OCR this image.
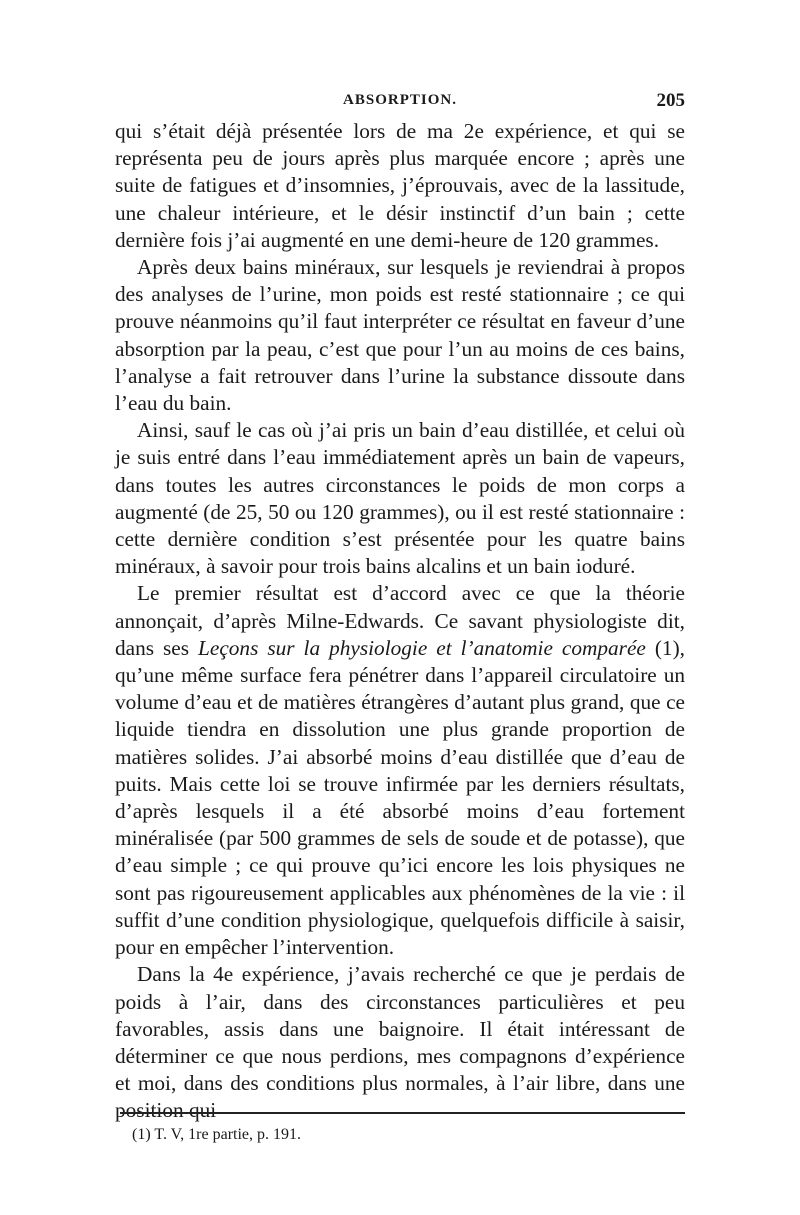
ABSORPTION.	205

qui s’était déjà présentée lors de ma 2e expérience, et qui se représenta peu de jours après plus marquée encore ; après une suite de fatigues et d’insomnies, j’éprouvais, avec de la lassitude, une chaleur intérieure, et le désir instinctif d’un bain ; cette dernière fois j’ai augmenté en une demi-heure de 120 grammes.

Après deux bains minéraux, sur lesquels je reviendrai à propos des analyses de l’urine, mon poids est resté stationnaire ; ce qui prouve néanmoins qu’il faut interpréter ce résultat en faveur d’une absorption par la peau, c’est que pour l’un au moins de ces bains, l’analyse a fait retrouver dans l’urine la substance dissoute dans l’eau du bain.

Ainsi, sauf le cas où j’ai pris un bain d’eau distillée, et celui où je suis entré dans l’eau immédiatement après un bain de vapeurs, dans toutes les autres circonstances le poids de mon corps a augmenté (de 25, 50 ou 120 grammes), ou il est resté stationnaire : cette dernière condition s’est présentée pour les quatre bains minéraux, à savoir pour trois bains alcalins et un bain ioduré.

Le premier résultat est d’accord avec ce que la théorie annonçait, d’après Milne-Edwards. Ce savant physiologiste dit, dans ses Leçons sur la physiologie et l’anatomie comparée (1), qu’une même surface fera pénétrer dans l’appareil circulatoire un volume d’eau et de matières étrangères d’autant plus grand, que ce liquide tiendra en dissolution une plus grande proportion de matières solides. J’ai absorbé moins d’eau distillée que d’eau de puits. Mais cette loi se trouve infirmée par les derniers résultats, d’après lesquels il a été absorbé moins d’eau fortement minéralisée (par 500 grammes de sels de soude et de potasse), que d’eau simple ; ce qui prouve qu’ici encore les lois physiques ne sont pas rigoureusement applicables aux phénomènes de la vie : il suffit d’une condition physiologique, quelquefois difficile à saisir, pour en empêcher l’intervention.

Dans la 4e expérience, j’avais recherché ce que je perdais de poids à l’air, dans des circonstances particulières et peu favorables, assis dans une baignoire. Il était intéressant de déterminer ce que nous perdions, mes compagnons d’expérience et moi, dans des conditions plus normales, à l’air libre, dans une position qui

(1) T. V, 1re partie, p. 191.
